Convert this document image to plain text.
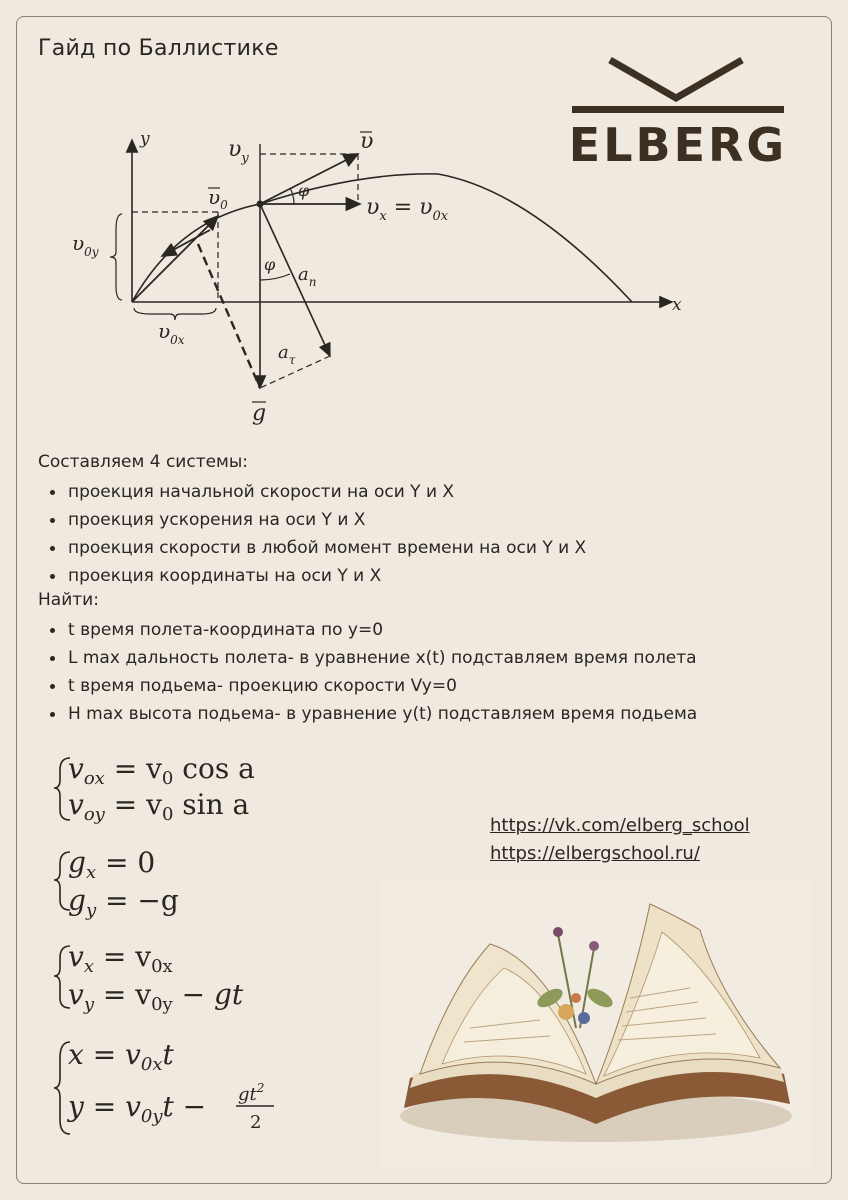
Гайд по Баллистике
ELBERG
y
x
$\upsilon_y$
υ
$\upsilon_0$	$\upsilon_x = \upsilon_{0x}$
$\upsilon_{0y}$
$\upsilon_{0x}$
φ
φ $a_n$
$a_\tau$
g
Составляем 4 системы:
проекция начальной скорости на оси Y и X
проекция ускорения на оси Y и X
проекция скорости в любой момент времени на оси Y и X
проекция координаты на оси Y и X
Найти:
t время полета-координата по y=0
L max дальность полета- в уравнение x(t) подставляем время полета
t время подьема- проекцию скорости Vy=0
H max высота подьема- в уравнение y(t) подставляем время подьема
$v_{ox} = v_0$ cos a
$v_{oy} = v_0$ sin a
$g_x = 0$
$g_y = -g$
$v_x = v_{0x}$
$v_y = v_{0y}$ − gt
$x = v_{0x}t$
$y = v_{0y}t - gt^2$
2
https://vk.com/elberg_school
https://elbergschool.ru/
